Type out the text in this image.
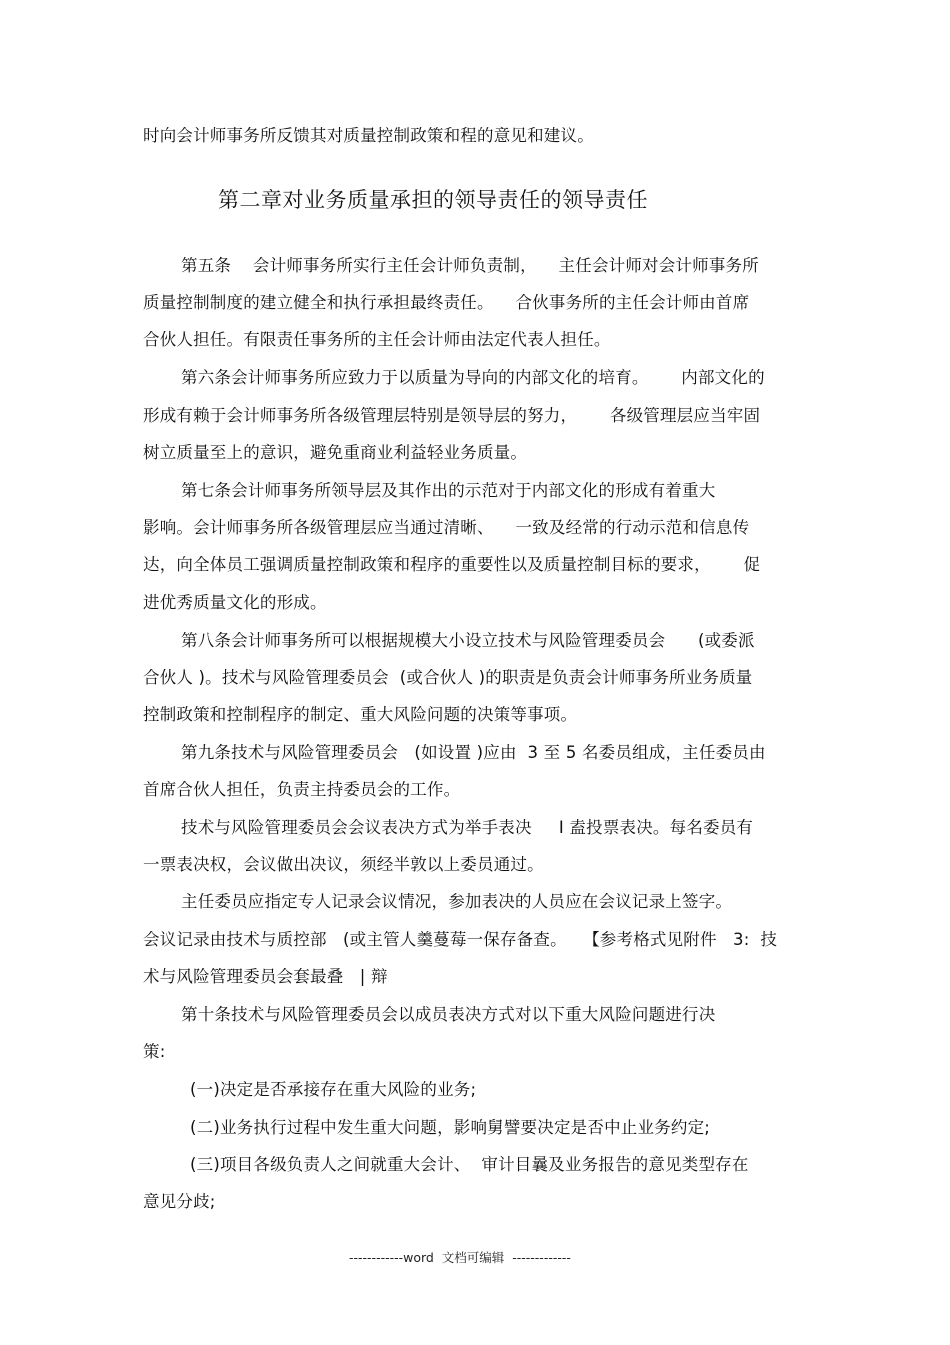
时向会计师事务所反馈其对质量控制政策和程的意见和建议。
第二章对业务质量承担的领导责任的领导责任
第五条    会计师事务所实行主任会计师负责制，    主任会计师对会计师事务所
质量控制制度的建立健全和执行承担最终责任。    合伙事务所的主任会计师由首席
合伙人担任。有限责任事务所的主任会计师由法定代表人担任。
第六条会计师事务所应致力于以质量为导向的内部文化的培育。      内部文化的
形成有赖于会计师事务所各级管理层特别是领导层的努力，      各级管理层应当牢固
树立质量至上的意识，避免重商业利益轻业务质量。
第七条会计师事务所领导层及其作出的示范对于内部文化的形成有着重大
影响。会计师事务所各级管理层应当通过清晰、    一致及经常的行动示范和信息传
达，向全体员工强调质量控制政策和程序的重要性以及质量控制目标的要求，      促
进优秀质量文化的形成。
第八条会计师事务所可以根据规模大小设立技术与风险管理委员会      (或委派
合伙人 )。技术与风险管理委员会  (或合伙人 )的职责是负责会计师事务所业务质量
控制政策和控制程序的制定、重大风险问题的决策等事项。
第九条技术与风险管理委员会   (如设置 )应由  3 至 5 名委员组成，主任委员由
首席合伙人担任，负责主持委员会的工作。
技术与风险管理委员会会议表决方式为举手表决     I 盍投票表决。每名委员有
一票表决权，会议做出决议，须经半敦以上委员通过。
主任委员应指定专人记录会议情况，参加表决的人员应在会议记录上签字。
会议记录由技术与质控部   (或主管人羹蔓莓一保存备查。   【参考格式见附件   3:  技
术与风险管理委员会套最叠   | 辩
第十条技术与风险管理委员会以成员表决方式对以下重大风险问题进行决
策:
(一)决定是否承接存在重大风险的业务;
(二)业务执行过程中发生重大问题，影响舅譬要决定是否中止业务约定;
(三)项目各级负责人之间就重大会计、  审计目曩及业务报告的意见类型存在
意见分歧;
------------word  文档可编辑  -------------
